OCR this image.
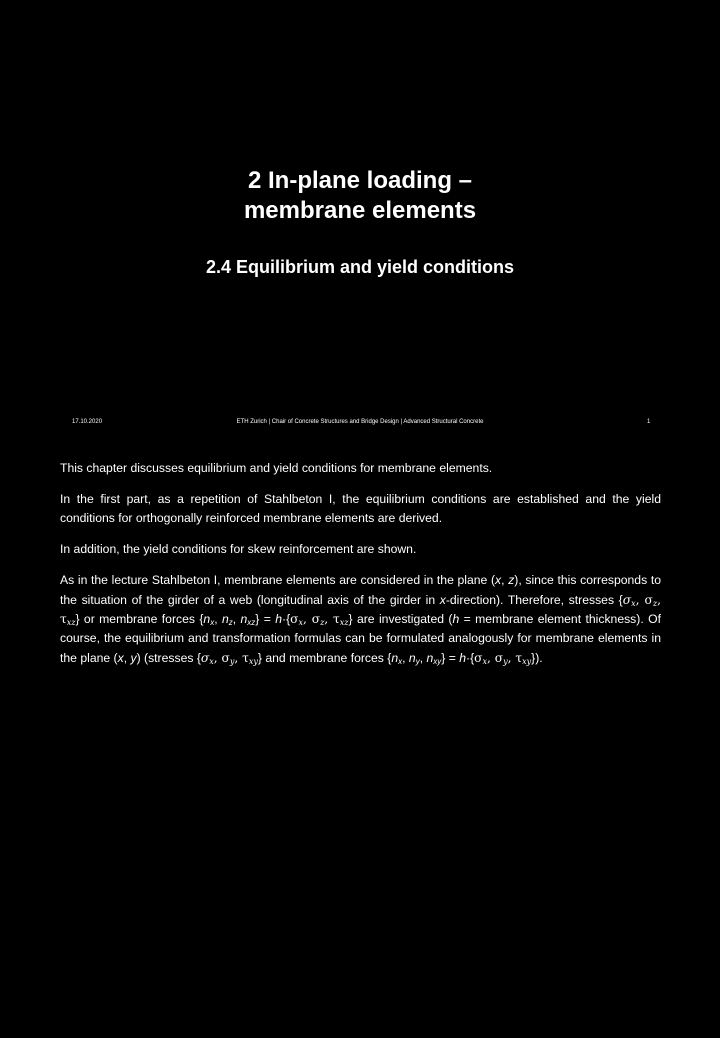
2 In-plane loading –
membrane elements
2.4 Equilibrium and yield conditions
17.10.2020	ETH Zurich | Chair of Concrete Structures and Bridge Design | Advanced Structural Concrete	1

This chapter discusses equilibrium and yield conditions for membrane elements.

In the first part, as a repetition of Stahlbeton I, the equilibrium conditions are established and the yield conditions for orthogonally reinforced membrane elements are derived.

In addition, the yield conditions for skew reinforcement are shown.

As in the lecture Stahlbeton I, membrane elements are considered in the plane (x, z), since this corresponds to the situation of the girder of a web (longitudinal axis of the girder in x-direction). Therefore, stresses {$\sigma_x$, $\sigma_z$, $\tau_{xz}$} or membrane forces {$n_x$, $n_z$, $n_{xz}\} = h\cdot\{\sigma_x$, $\sigma_z$, $\tau_{xz}$} are investigated (h = membrane element thickness). Of course, the equilibrium and transformation formulas can be formulated analogously for membrane elements in the plane (x, y) (stresses {$\sigma_x$, $\sigma_y$, $\tau_{xy}$} and membrane forces {$n_x$, $n_y$, $n_{xy}\} = h\cdot\{\sigma_x$, $\sigma_y$, $\tau_{xy}$}).
